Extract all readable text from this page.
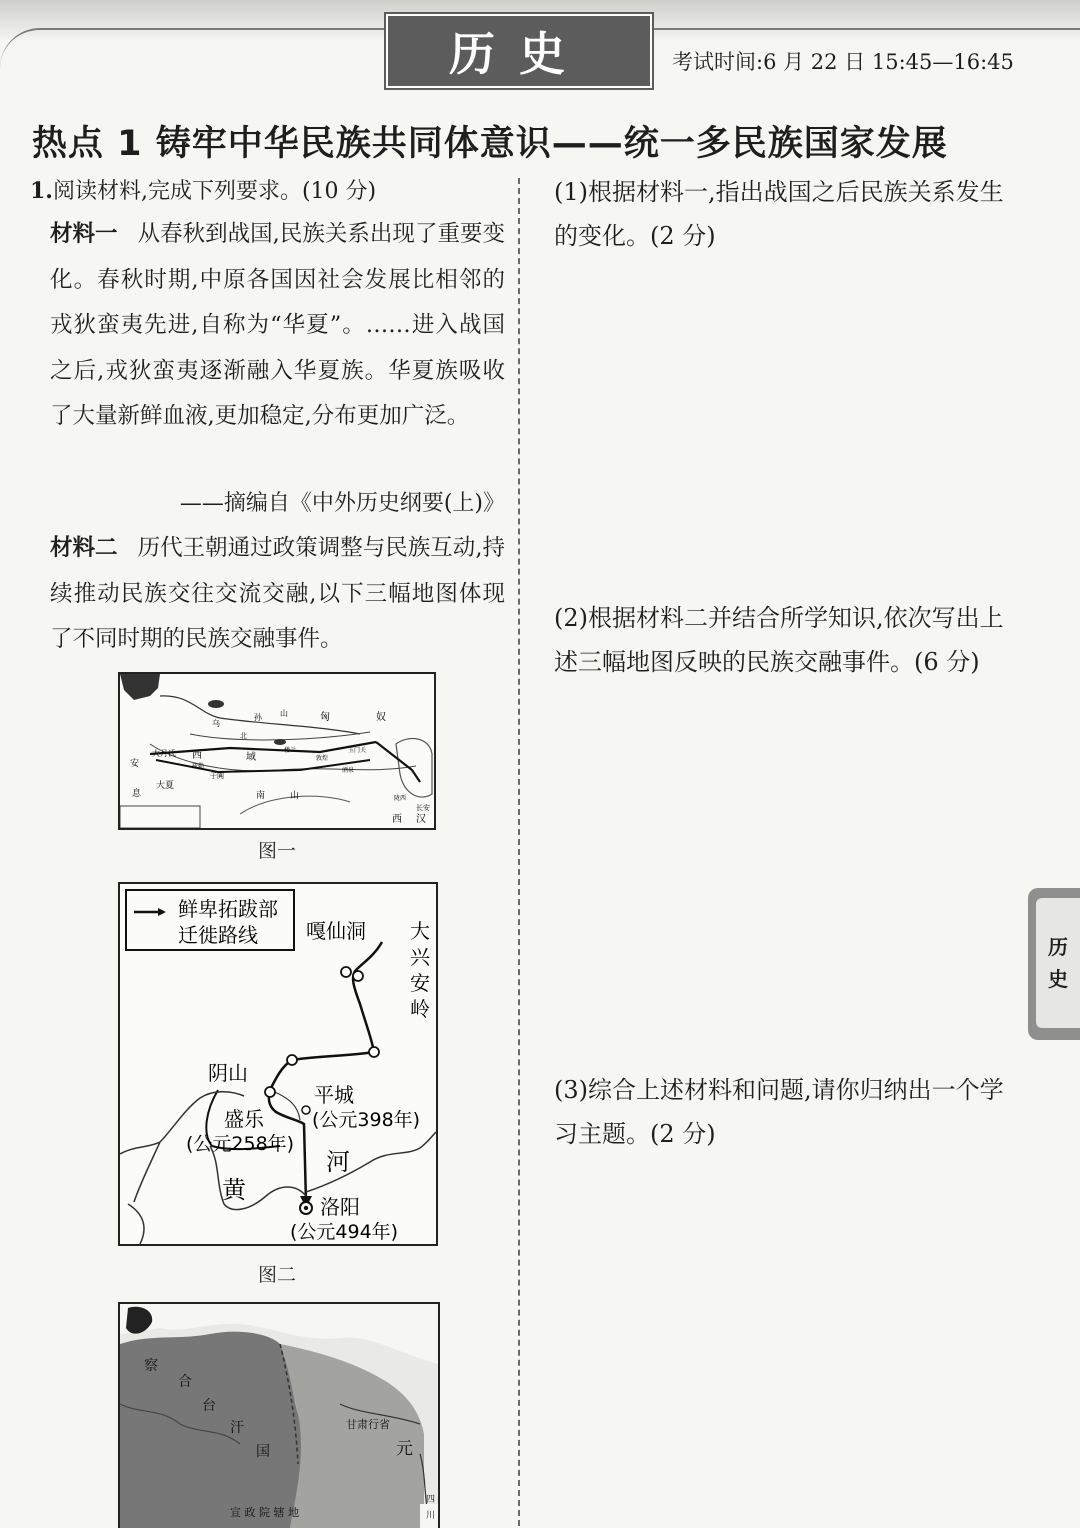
历史	考试时间:6 月 22 日 15:45—16:45
热点 1 铸牢中华民族共同体意识——统一多民族国家发展
1.阅读材料,完成下列要求。(10 分)
材料一 从春秋到战国,民族关系出现了重要变化。春秋时期,中原各国因社会发展比相邻的戎狄蛮夷先进,自称为“华夏”。……进入战国之后,戎狄蛮夷逐渐融入华夏族。华夏族吸收了大量新鲜血液,更加稳定,分布更加广泛。
——摘编自《中外历史纲要(上)》
材料二 历代王朝通过政策调整与民族互动,持续推动民族交往交流交融,以下三幅地图体现了不同时期的民族交融事件。
匈	奴
乌
孙 山
北
大月氏 西	域
安
息
大夏
南	山
于阗
疏勒
敦煌
酒泉
玉门关
楼兰
陇西
长安
西 汉
图一
鲜卑拓跋部
迁徙路线 嘎仙洞 大
兴
安
岭
阴山
平城
(公元398年)
盛乐
(公元258年)
河
黄
洛阳
(公元494年)
图二
察
合
台
汗
国
甘肃行省
元
宣 政 院 辖 地
四
川
(1)根据材料一,指出战国之后民族关系发生的变化。(2 分)
(2)根据材料二并结合所学知识,依次写出上述三幅地图反映的民族交融事件。(6 分)
(3)综合上述材料和问题,请你归纳出一个学习主题。(2 分)
历
史
